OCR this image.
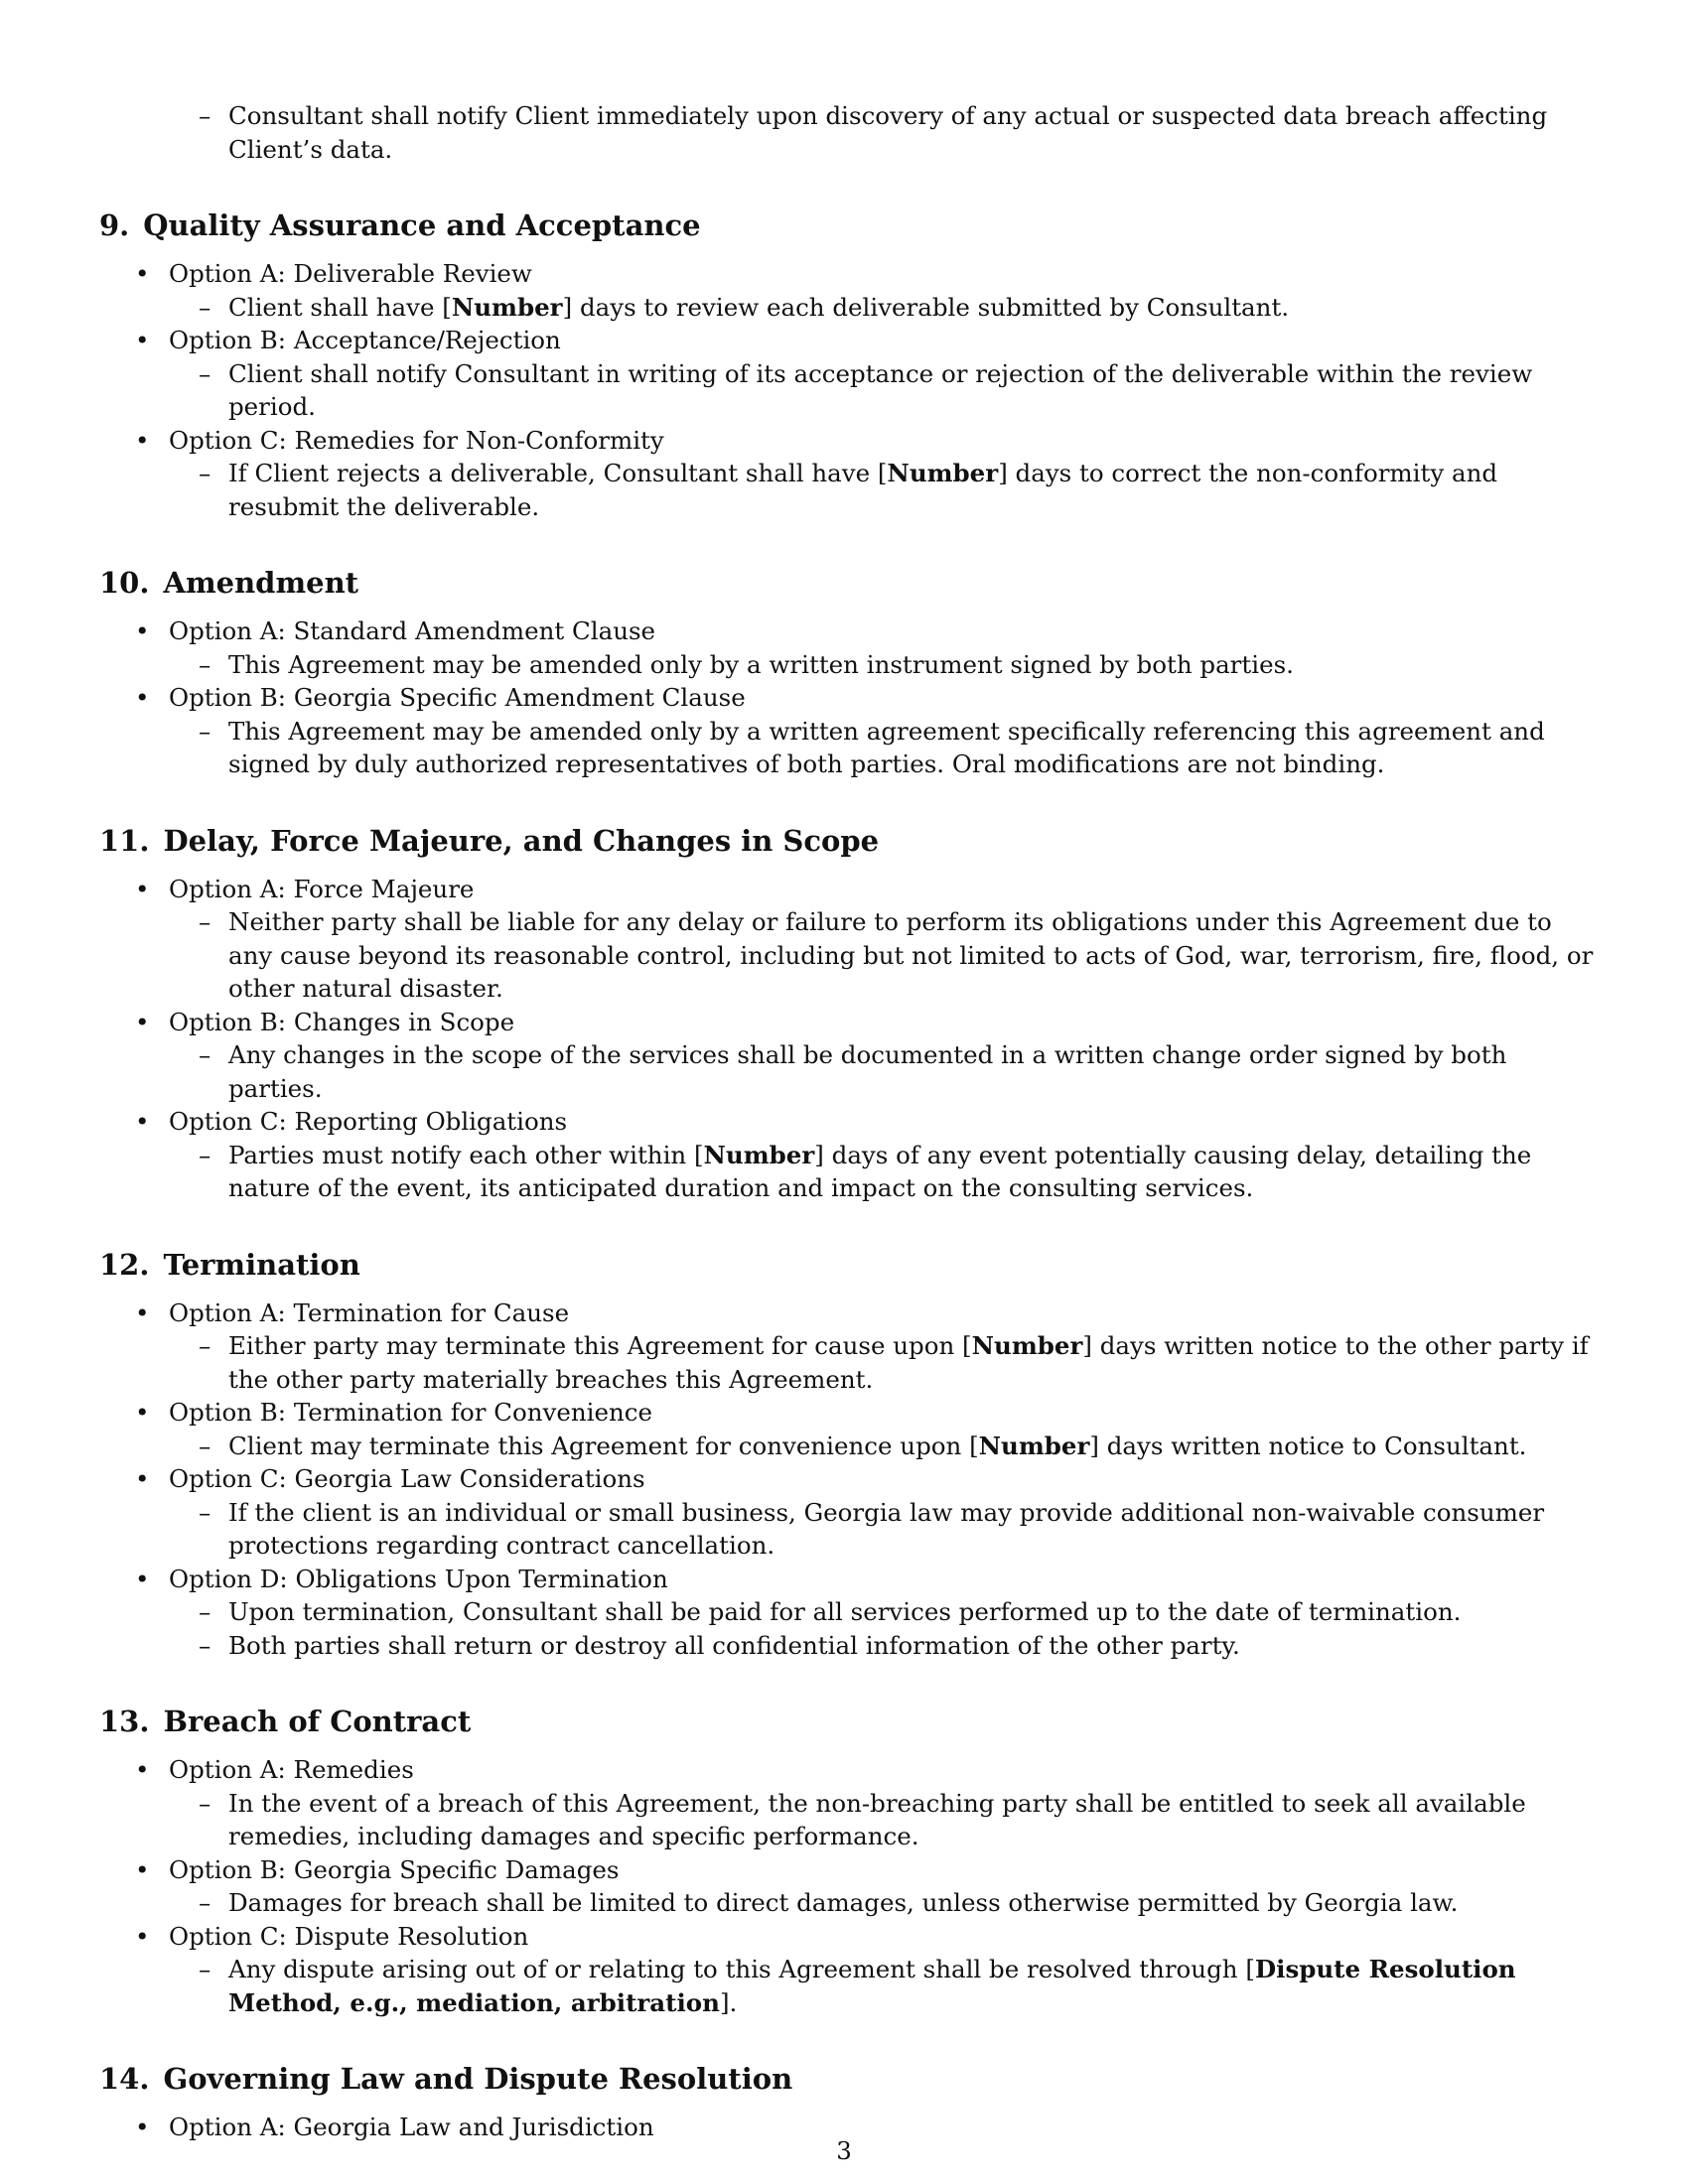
– Consultant shall notify Client immediately upon discovery of any actual or suspected data breach affecting Client’s data.
9. Quality Assurance and Acceptance
• Option A: Deliverable Review
– Client shall have [Number] days to review each deliverable submitted by Consultant.
• Option B: Acceptance/Rejection
– Client shall notify Consultant in writing of its acceptance or rejection of the deliverable within the review period.
• Option C: Remedies for Non-Conformity
– If Client rejects a deliverable, Consultant shall have [Number] days to correct the non-conformity and resubmit the deliverable.
10. Amendment
• Option A: Standard Amendment Clause
– This Agreement may be amended only by a written instrument signed by both parties.
• Option B: Georgia Specific Amendment Clause
– This Agreement may be amended only by a written agreement specifically referencing this agreement and signed by duly authorized representatives of both parties. Oral modifications are not binding.
11. Delay, Force Majeure, and Changes in Scope
• Option A: Force Majeure
– Neither party shall be liable for any delay or failure to perform its obligations under this Agreement due to any cause beyond its reasonable control, including but not limited to acts of God, war, terrorism, fire, flood, or other natural disaster.
• Option B: Changes in Scope
– Any changes in the scope of the services shall be documented in a written change order signed by both parties.
• Option C: Reporting Obligations
– Parties must notify each other within [Number] days of any event potentially causing delay, detailing the nature of the event, its anticipated duration and impact on the consulting services.
12. Termination
• Option A: Termination for Cause
– Either party may terminate this Agreement for cause upon [Number] days written notice to the other party if the other party materially breaches this Agreement.
• Option B: Termination for Convenience
– Client may terminate this Agreement for convenience upon [Number] days written notice to Consultant.
• Option C: Georgia Law Considerations
– If the client is an individual or small business, Georgia law may provide additional non-waivable consumer protections regarding contract cancellation.
• Option D: Obligations Upon Termination
– Upon termination, Consultant shall be paid for all services performed up to the date of termination.
– Both parties shall return or destroy all confidential information of the other party.
13. Breach of Contract
• Option A: Remedies
– In the event of a breach of this Agreement, the non-breaching party shall be entitled to seek all available remedies, including damages and specific performance.
• Option B: Georgia Specific Damages
– Damages for breach shall be limited to direct damages, unless otherwise permitted by Georgia law.
• Option C: Dispute Resolution
– Any dispute arising out of or relating to this Agreement shall be resolved through [Dispute Resolution Method, e.g., mediation, arbitration].
14. Governing Law and Dispute Resolution
• Option A: Georgia Law and Jurisdiction
3
